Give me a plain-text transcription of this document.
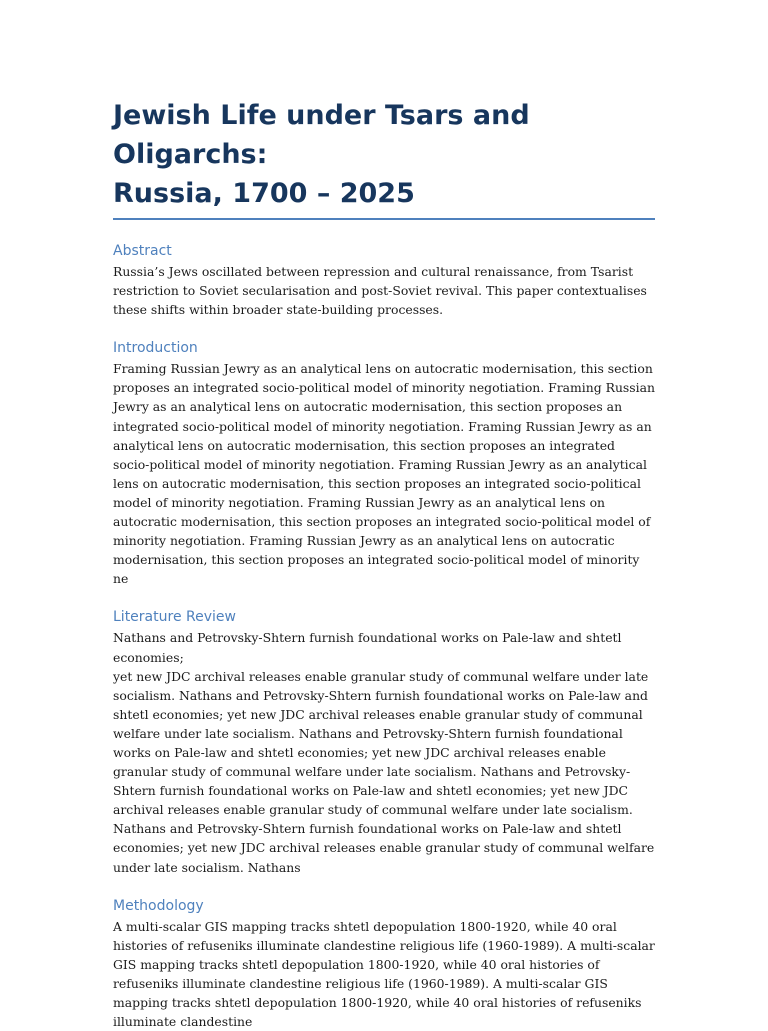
Jewish Life under Tsars and Oligarchs:
Russia, 1700 – 2025
Abstract

Russia’s Jews oscillated between repression and cultural renaissance, from Tsarist restriction to Soviet secularisation and post-Soviet revival. This paper contextualises these shifts within broader state-building processes.

Introduction

Framing Russian Jewry as an analytical lens on autocratic modernisation, this section proposes an integrated socio-political model of minority negotiation. Framing Russian Jewry as an analytical lens on autocratic modernisation, this section proposes an integrated socio-political model of minority negotiation. Framing Russian Jewry as an analytical lens on autocratic modernisation, this section proposes an integrated socio-political model of minority negotiation. Framing Russian Jewry as an analytical lens on autocratic modernisation, this section proposes an integrated socio-political model of minority negotiation. Framing Russian Jewry as an analytical lens on autocratic modernisation, this section proposes an integrated socio-political model of minority negotiation. Framing Russian Jewry as an analytical lens on autocratic modernisation, this section proposes an integrated socio-political model of minority ne

Literature Review

Nathans and Petrovsky-Shtern furnish foundational works on Pale-law and shtetl economies;

yet new JDC archival releases enable granular study of communal welfare under late socialism. Nathans and Petrovsky-Shtern furnish foundational works on Pale-law and shtetl economies; yet new JDC archival releases enable granular study of communal welfare under late socialism. Nathans and Petrovsky-Shtern furnish foundational works on Pale-law and shtetl economies; yet new JDC archival releases enable granular study of communal welfare under late socialism. Nathans and Petrovsky-Shtern furnish foundational works on Pale-law and shtetl economies; yet new JDC archival releases enable granular study of communal welfare under late socialism. Nathans and Petrovsky-Shtern furnish foundational works on Pale-law and shtetl economies; yet new JDC archival releases enable granular study of communal welfare under late socialism. Nathans

Methodology

A multi-scalar GIS mapping tracks shtetl depopulation 1800-1920, while 40 oral histories of refuseniks illuminate clandestine religious life (1960-1989). A multi-scalar GIS mapping tracks shtetl depopulation 1800-1920, while 40 oral histories of refuseniks illuminate clandestine religious life (1960-1989). A multi-scalar GIS mapping tracks shtetl depopulation 1800-1920, while 40 oral histories of refuseniks illuminate clandestine
